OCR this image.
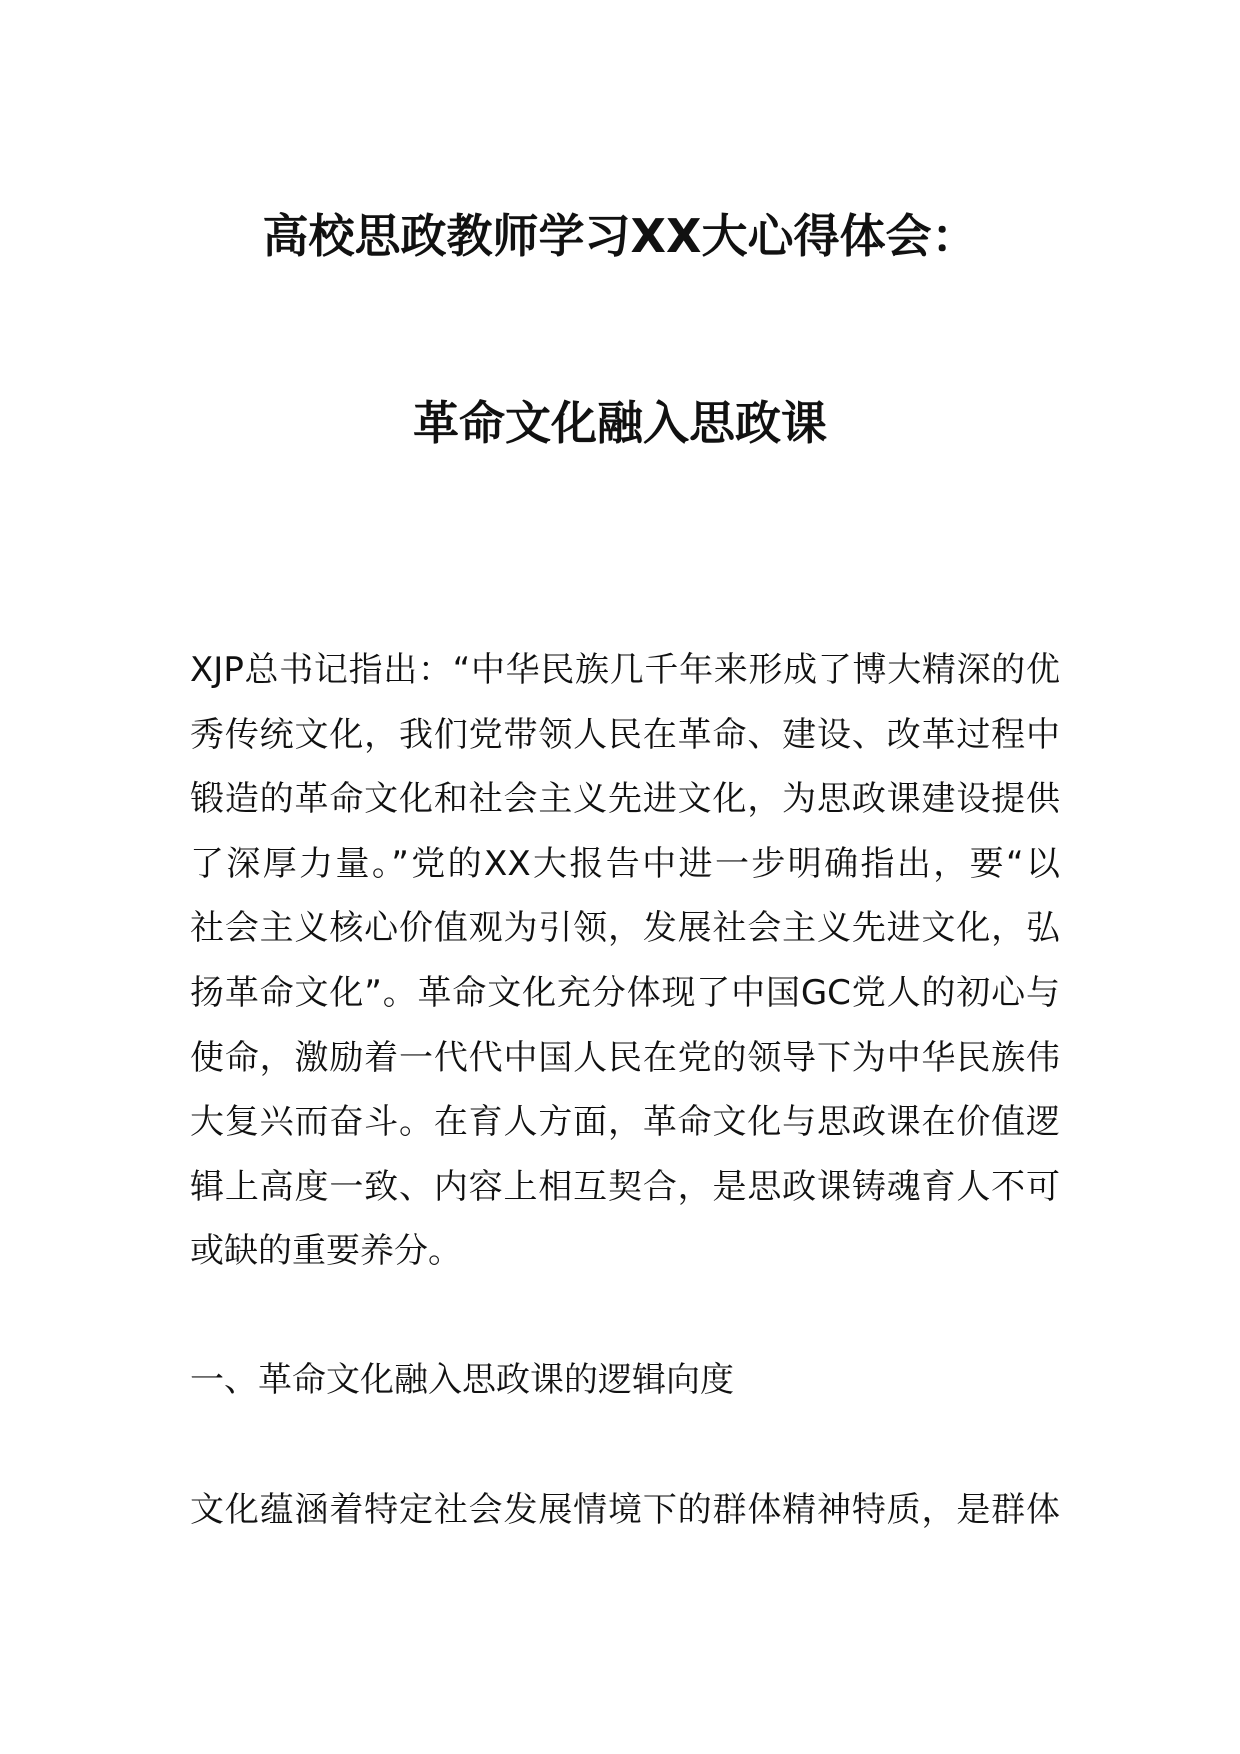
高校思政教师学习XX大心得体会：
革命文化融入思政课
XJP总书记指出：“中华民族几千年来形成了博大精深的优
秀传统文化，我们党带领人民在革命、建设、改革过程中
锻造的革命文化和社会主义先进文化，为思政课建设提供
了深厚力量。”党的XX大报告中进一步明确指出，要“以
社会主义核心价值观为引领，发展社会主义先进文化，弘
扬革命文化”。革命文化充分体现了中国GC党人的初心与
使命，激励着一代代中国人民在党的领导下为中华民族伟
大复兴而奋斗。在育人方面，革命文化与思政课在价值逻
辑上高度一致、内容上相互契合，是思政课铸魂育人不可
或缺的重要养分。
一、革命文化融入思政课的逻辑向度
文化蕴涵着特定社会发展情境下的群体精神特质，是群体
